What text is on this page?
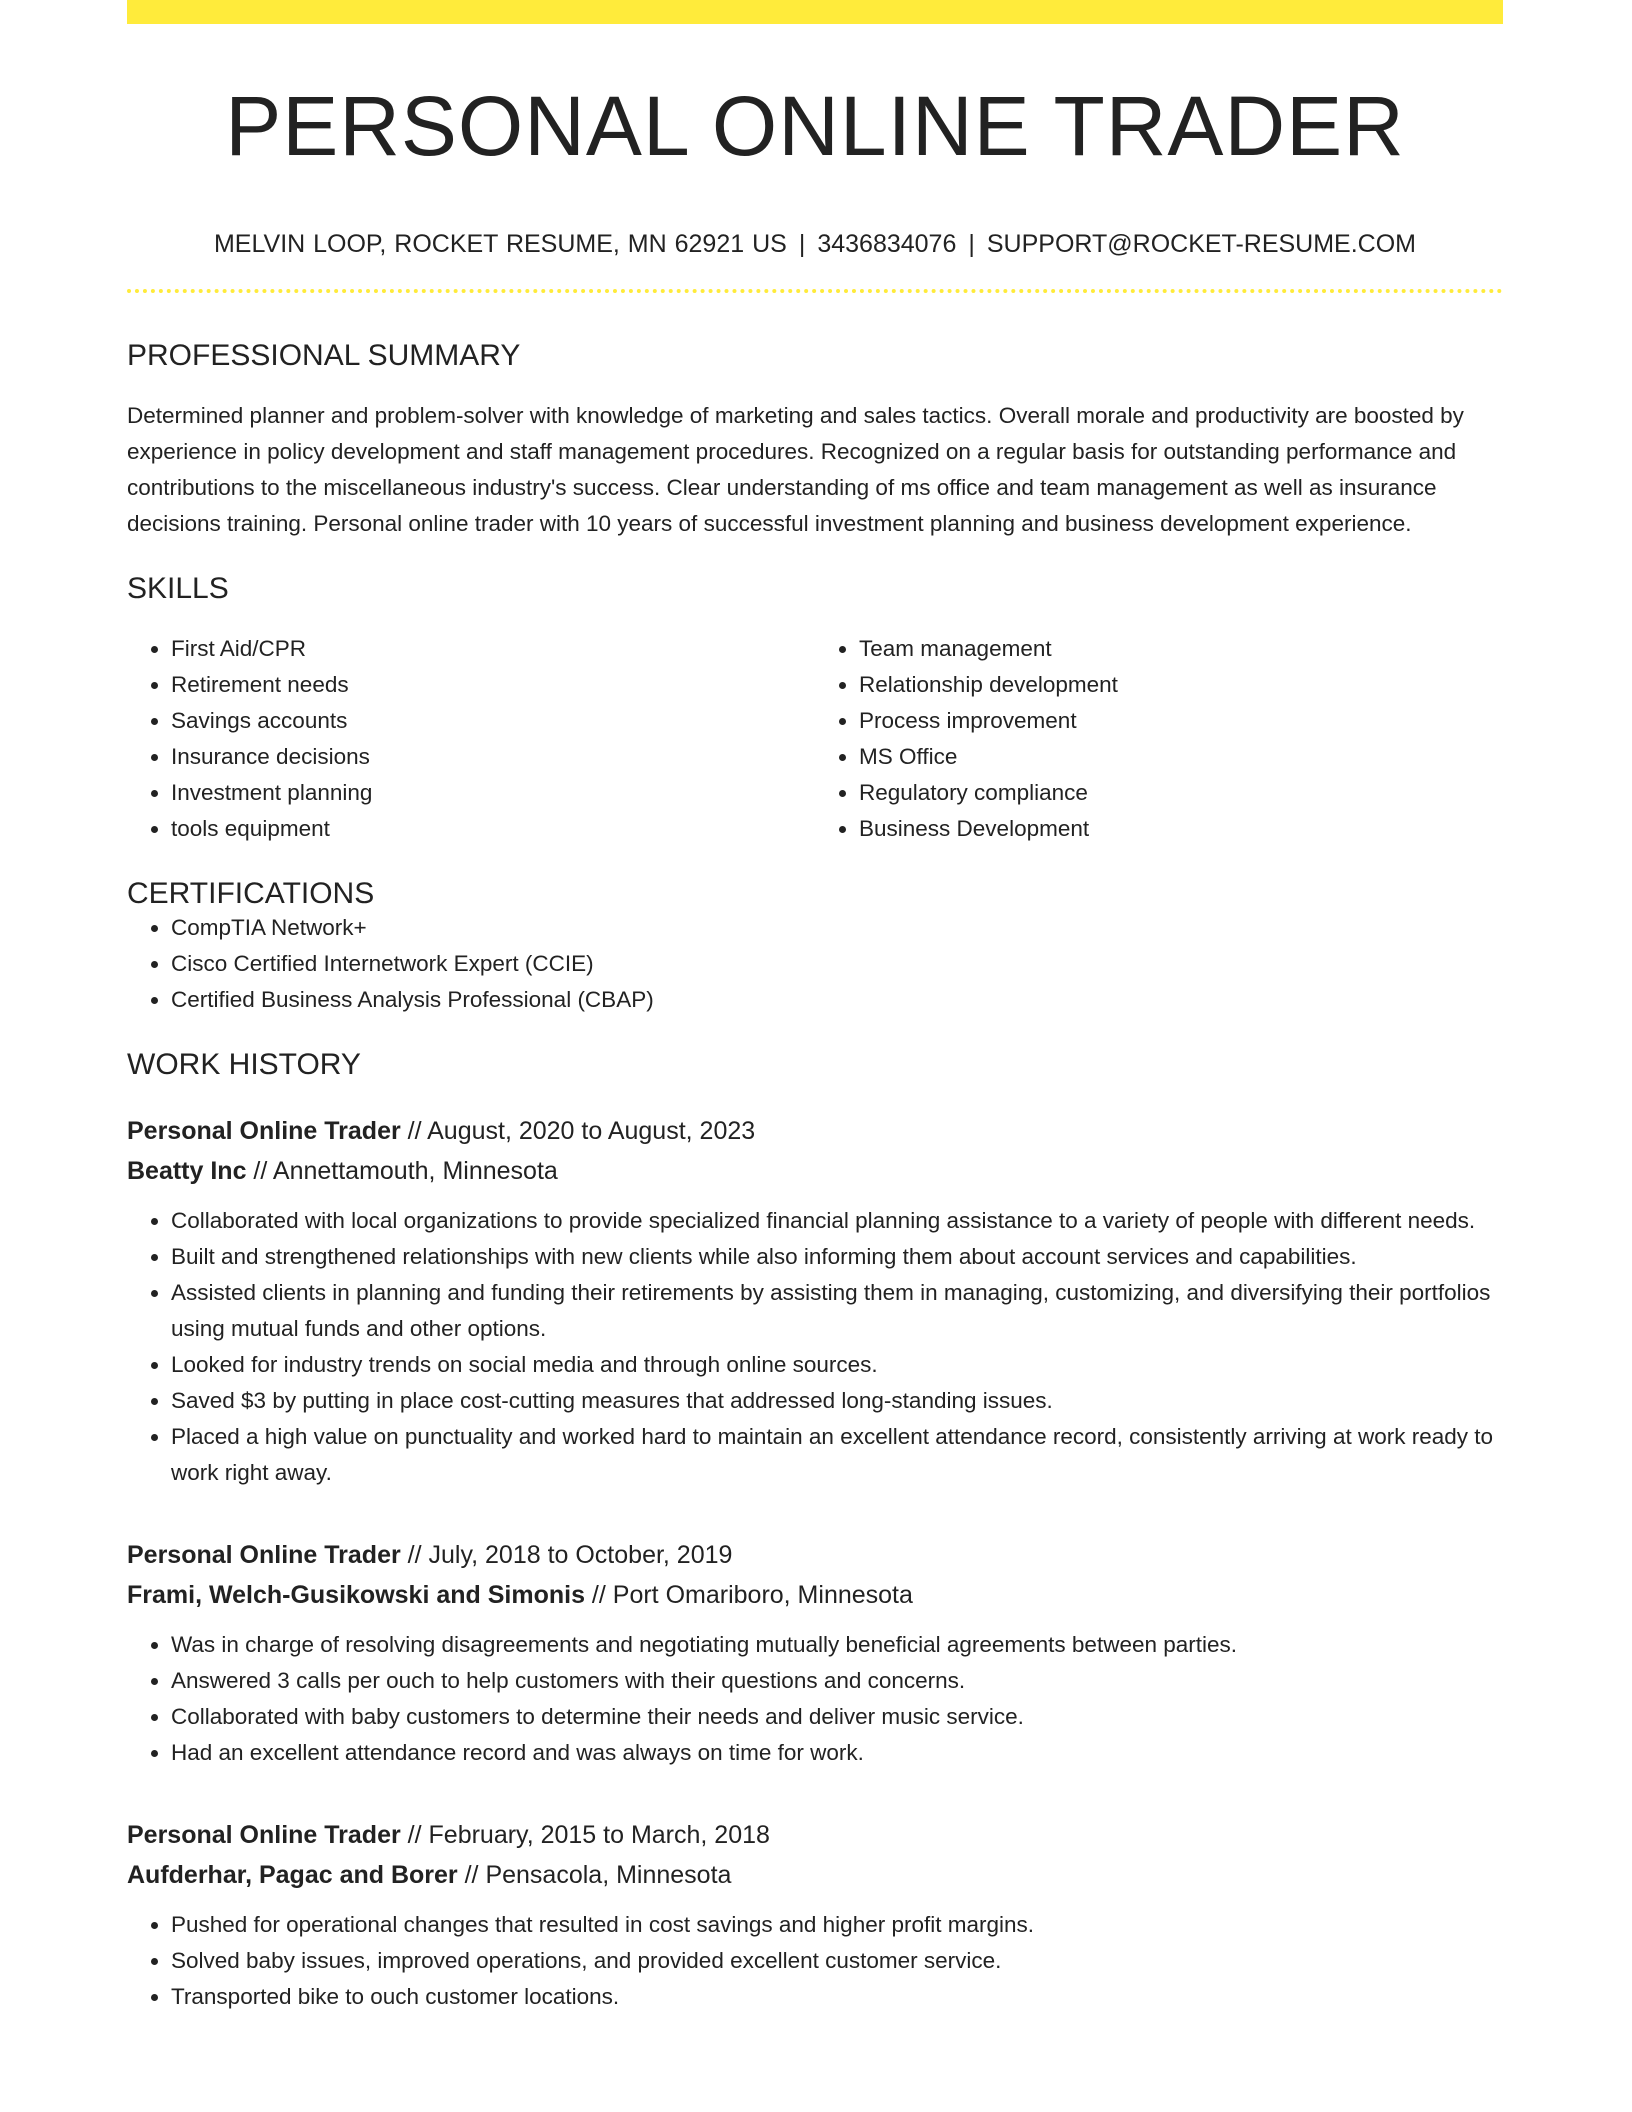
PERSONAL ONLINE TRADER
MELVIN LOOP, ROCKET RESUME, MN 62921 US | 3436834076 | SUPPORT@ROCKET-RESUME.COM
PROFESSIONAL SUMMARY

Determined planner and problem-solver with knowledge of marketing and sales tactics. Overall morale and productivity are boosted by experience in policy development and staff management procedures. Recognized on a regular basis for outstanding performance and contributions to the miscellaneous industry's success. Clear understanding of ms office and team management as well as insurance decisions training. Personal online trader with 10 years of successful investment planning and business development experience.

SKILLS
• First Aid/CPR
• Retirement needs
• Savings accounts
• Insurance decisions
• Investment planning
• tools equipment
• Team management
• Relationship development
• Process improvement
• MS Office
• Regulatory compliance
• Business Development
CERTIFICATIONS
• CompTIA Network+
• Cisco Certified Internetwork Expert (CCIE)
• Certified Business Analysis Professional (CBAP)
WORK HISTORY
Personal Online Trader // August, 2020 to August, 2023
Beatty Inc // Annettamouth, Minnesota
• Collaborated with local organizations to provide specialized financial planning assistance to a variety of people with different needs.
• Built and strengthened relationships with new clients while also informing them about account services and capabilities.
• Assisted clients in planning and funding their retirements by assisting them in managing, customizing, and diversifying their portfolios using mutual funds and other options.
• Looked for industry trends on social media and through online sources.
• Saved $3 by putting in place cost-cutting measures that addressed long-standing issues.
• Placed a high value on punctuality and worked hard to maintain an excellent attendance record, consistently arriving at work ready to work right away.
Personal Online Trader // July, 2018 to October, 2019
Frami, Welch-Gusikowski and Simonis // Port Omariboro, Minnesota
• Was in charge of resolving disagreements and negotiating mutually beneficial agreements between parties.
• Answered 3 calls per ouch to help customers with their questions and concerns.
• Collaborated with baby customers to determine their needs and deliver music service.
• Had an excellent attendance record and was always on time for work.
Personal Online Trader // February, 2015 to March, 2018
Aufderhar, Pagac and Borer // Pensacola, Minnesota
• Pushed for operational changes that resulted in cost savings and higher profit margins.
• Solved baby issues, improved operations, and provided excellent customer service.
• Transported bike to ouch customer locations.
